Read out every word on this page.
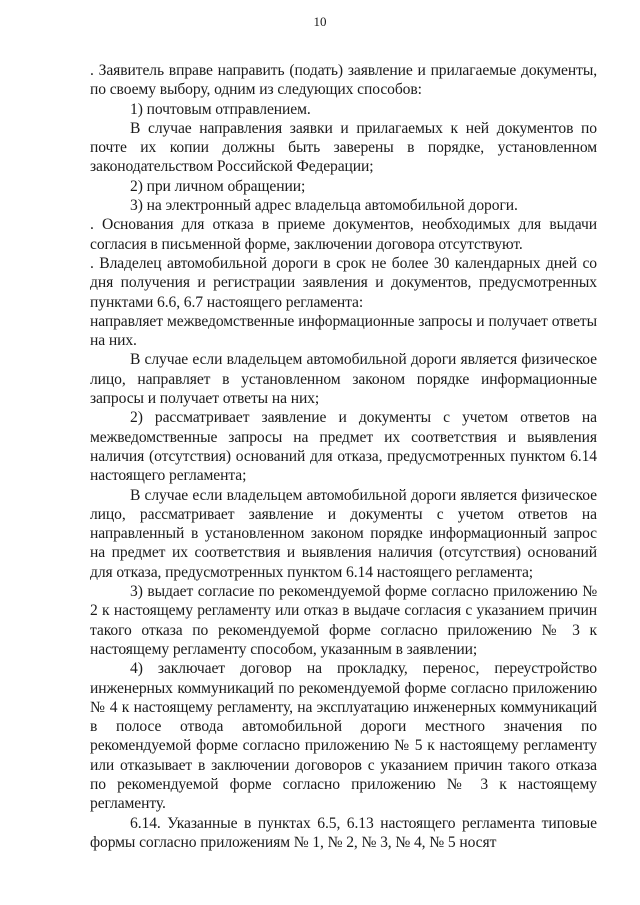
10

. Заявитель вправе направить (подать) заявление и прилагаемые документы, по своему выбору, одним из следующих способов:

1) почтовым отправлением.

В случае направления заявки и прилагаемых к ней документов по почте их копии должны быть заверены в порядке, установленном законодательством Российской Федерации;

2) при личном обращении;

3) на электронный адрес владельца автомобильной дороги.

. Основания для отказа в приеме документов, необходимых для выдачи согласия в письменной форме, заключении договора отсутствуют.

. Владелец автомобильной дороги в срок не более 30 календарных дней со дня получения и регистрации заявления и документов, предусмотренных пунктами 6.6, 6.7 настоящего регламента:

направляет межведомственные информационные запросы и получает ответы на них.

В случае если владельцем автомобильной дороги является физическое лицо, направляет в установленном законом порядке информационные запросы и получает ответы на них;

2) рассматривает заявление и документы с учетом ответов на межведомственные запросы на предмет их соответствия и выявления наличия (отсутствия) оснований для отказа, предусмотренных пунктом 6.14 настоящего регламента;

В случае если владельцем автомобильной дороги является физическое лицо, рассматривает заявление и документы с учетом ответов на направленный в установленном законом порядке информационный запрос на предмет их соответствия и выявления наличия (отсутствия) оснований для отказа, предусмотренных пунктом 6.14 настоящего регламента;

3) выдает согласие по рекомендуемой форме согласно приложению № 2 к настоящему регламенту или отказ в выдаче согласия с указанием причин такого отказа по рекомендуемой форме согласно приложению № 3 к настоящему регламенту способом, указанным в заявлении;

4) заключает договор на прокладку, перенос, переустройство инженерных коммуникаций по рекомендуемой форме согласно приложению № 4 к настоящему регламенту, на эксплуатацию инженерных коммуникаций в полосе отвода автомобильной дороги местного значения по рекомендуемой форме согласно приложению № 5 к настоящему регламенту или отказывает в заключении договоров с указанием причин такого отказа по рекомендуемой форме согласно приложению № 3 к настоящему регламенту.

6.14. Указанные в пунктах 6.5, 6.13 настоящего регламента типовые формы согласно приложениям № 1, № 2, № 3, № 4, № 5 носят
